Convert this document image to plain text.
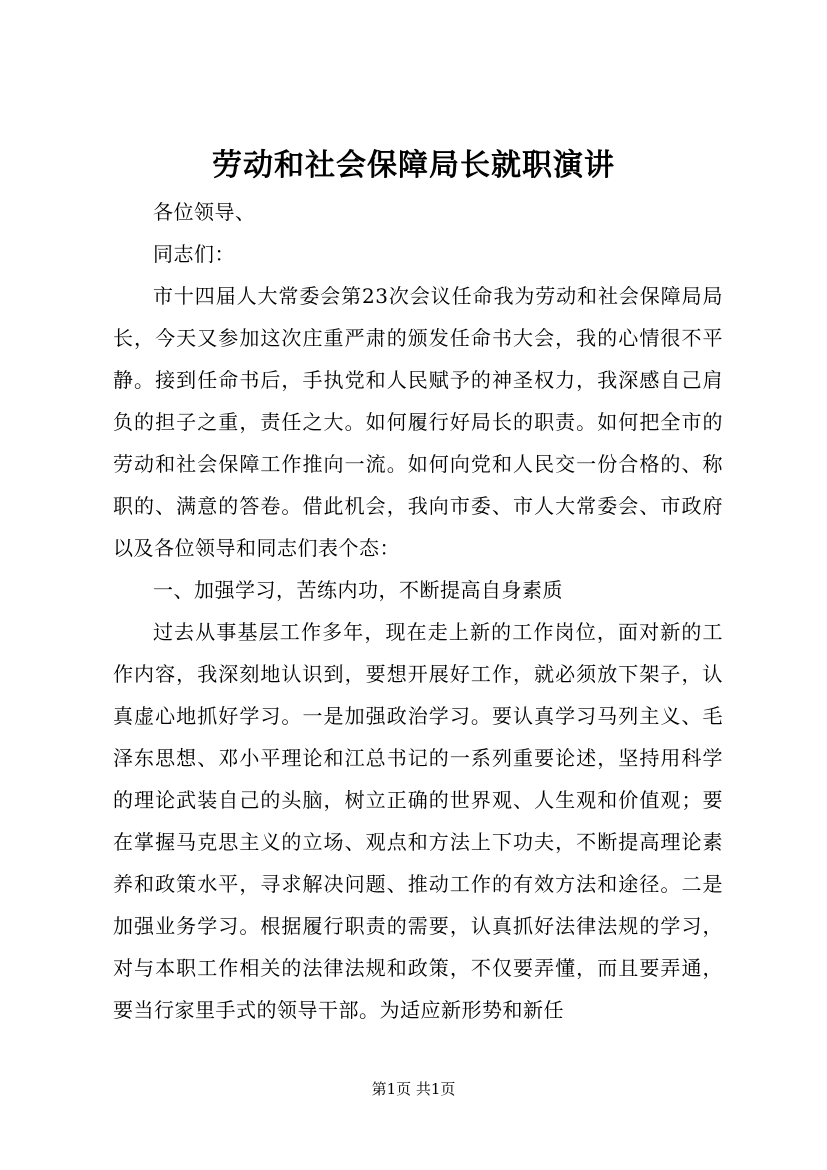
劳动和社会保障局长就职演讲

各位领导、

同志们：

市十四届人大常委会第23次会议任命我为劳动和社会保障局局长，今天又参加这次庄重严肃的颁发任命书大会，我的心情很不平静。接到任命书后，手执党和人民赋予的神圣权力，我深感自己肩负的担子之重，责任之大。如何履行好局长的职责。如何把全市的劳动和社会保障工作推向一流。如何向党和人民交一份合格的、称职的、满意的答卷。借此机会，我向市委、市人大常委会、市政府以及各位领导和同志们表个态：

一、加强学习，苦练内功，不断提高自身素质

过去从事基层工作多年，现在走上新的工作岗位，面对新的工作内容，我深刻地认识到，要想开展好工作，就必须放下架子，认真虚心地抓好学习。一是加强政治学习。要认真学习马列主义、毛泽东思想、邓小平理论和江总书记的一系列重要论述，坚持用科学的理论武装自己的头脑，树立正确的世界观、人生观和价值观；要在掌握马克思主义的立场、观点和方法上下功夫，不断提高理论素养和政策水平，寻求解决问题、推动工作的有效方法和途径。二是加强业务学习。根据履行职责的需要，认真抓好法律法规的学习，对与本职工作相关的法律法规和政策，不仅要弄懂，而且要弄通，要当行家里手式的领导干部。为适应新形势和新任

第1页 共1页
